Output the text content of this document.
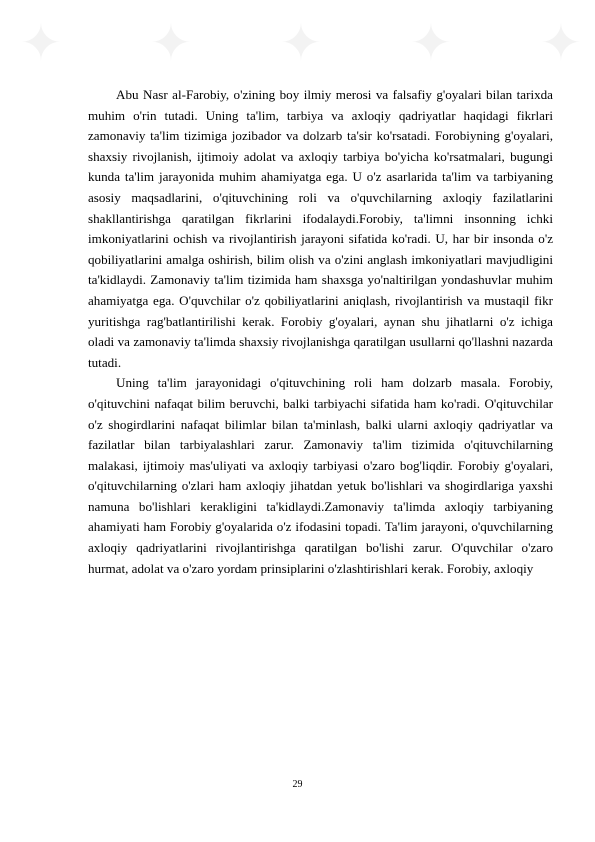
✦ ✦ ✦ ✦ ✦

Abu Nasr al-Farobiy, o'zining boy ilmiy merosi va falsafiy g'oyalari bilan tarixda muhim o'rin tutadi. Uning ta'lim, tarbiya va axloqiy qadriyatlar haqidagi fikrlari zamonaviy ta'lim tizimiga jozibador va dolzarb ta'sir ko'rsatadi. Forobiyning g'oyalari, shaxsiy rivojlanish, ijtimoiy adolat va axloqiy tarbiya bo'yicha ko'rsatmalari, bugungi kunda ta'lim jarayonida muhim ahamiyatga ega. U o'z asarlarida ta'lim va tarbiyaning asosiy maqsadlarini, o'qituvchining roli va o'quvchilarning axloqiy fazilatlarini shakllantirishga qaratilgan fikrlarini ifodalaydi.Forobiy, ta'limni insonning ichki imkoniyatlarini ochish va rivojlantirish jarayoni sifatida ko'radi. U, har bir insonda o'z qobiliyatlarini amalga oshirish, bilim olish va o'zini anglash imkoniyatlari mavjudligini ta'kidlaydi. Zamonaviy ta'lim tizimida ham shaxsga yo'naltirilgan yondashuvlar muhim ahamiyatga ega. O'quvchilar o'z qobiliyatlarini aniqlash, rivojlantirish va mustaqil fikr yuritishga rag'batlantirilishi kerak. Forobiy g'oyalari, aynan shu jihatlarni o'z ichiga oladi va zamonaviy ta'limda shaxsiy rivojlanishga qaratilgan usullarni qo'llashni nazarda tutadi.

Uning ta'lim jarayonidagi o'qituvchining roli ham dolzarb masala. Forobiy, o'qituvchini nafaqat bilim beruvchi, balki tarbiyachi sifatida ham ko'radi. O'qituvchilar o'z shogirdlarini nafaqat bilimlar bilan ta'minlash, balki ularni axloqiy qadriyatlar va fazilatlar bilan tarbiyalashlari zarur. Zamonaviy ta'lim tizimida o'qituvchilarning malakasi, ijtimoiy mas'uliyati va axloqiy tarbiyasi o'zaro bog'liqdir. Forobiy g'oyalari, o'qituvchilarning o'zlari ham axloqiy jihatdan yetuk bo'lishlari va shogirdlariga yaxshi namuna bo'lishlari kerakligini ta'kidlaydi.Zamonaviy ta'limda axloqiy tarbiyaning ahamiyati ham Forobiy g'oyalarida o'z ifodasini topadi. Ta'lim jarayoni, o'quvchilarning axloqiy qadriyatlarini rivojlantirishga qaratilgan bo'lishi zarur. O'quvchilar o'zaro hurmat, adolat va o'zaro yordam prinsiplarini o'zlashtirishlari kerak. Forobiy, axloqiy

29
